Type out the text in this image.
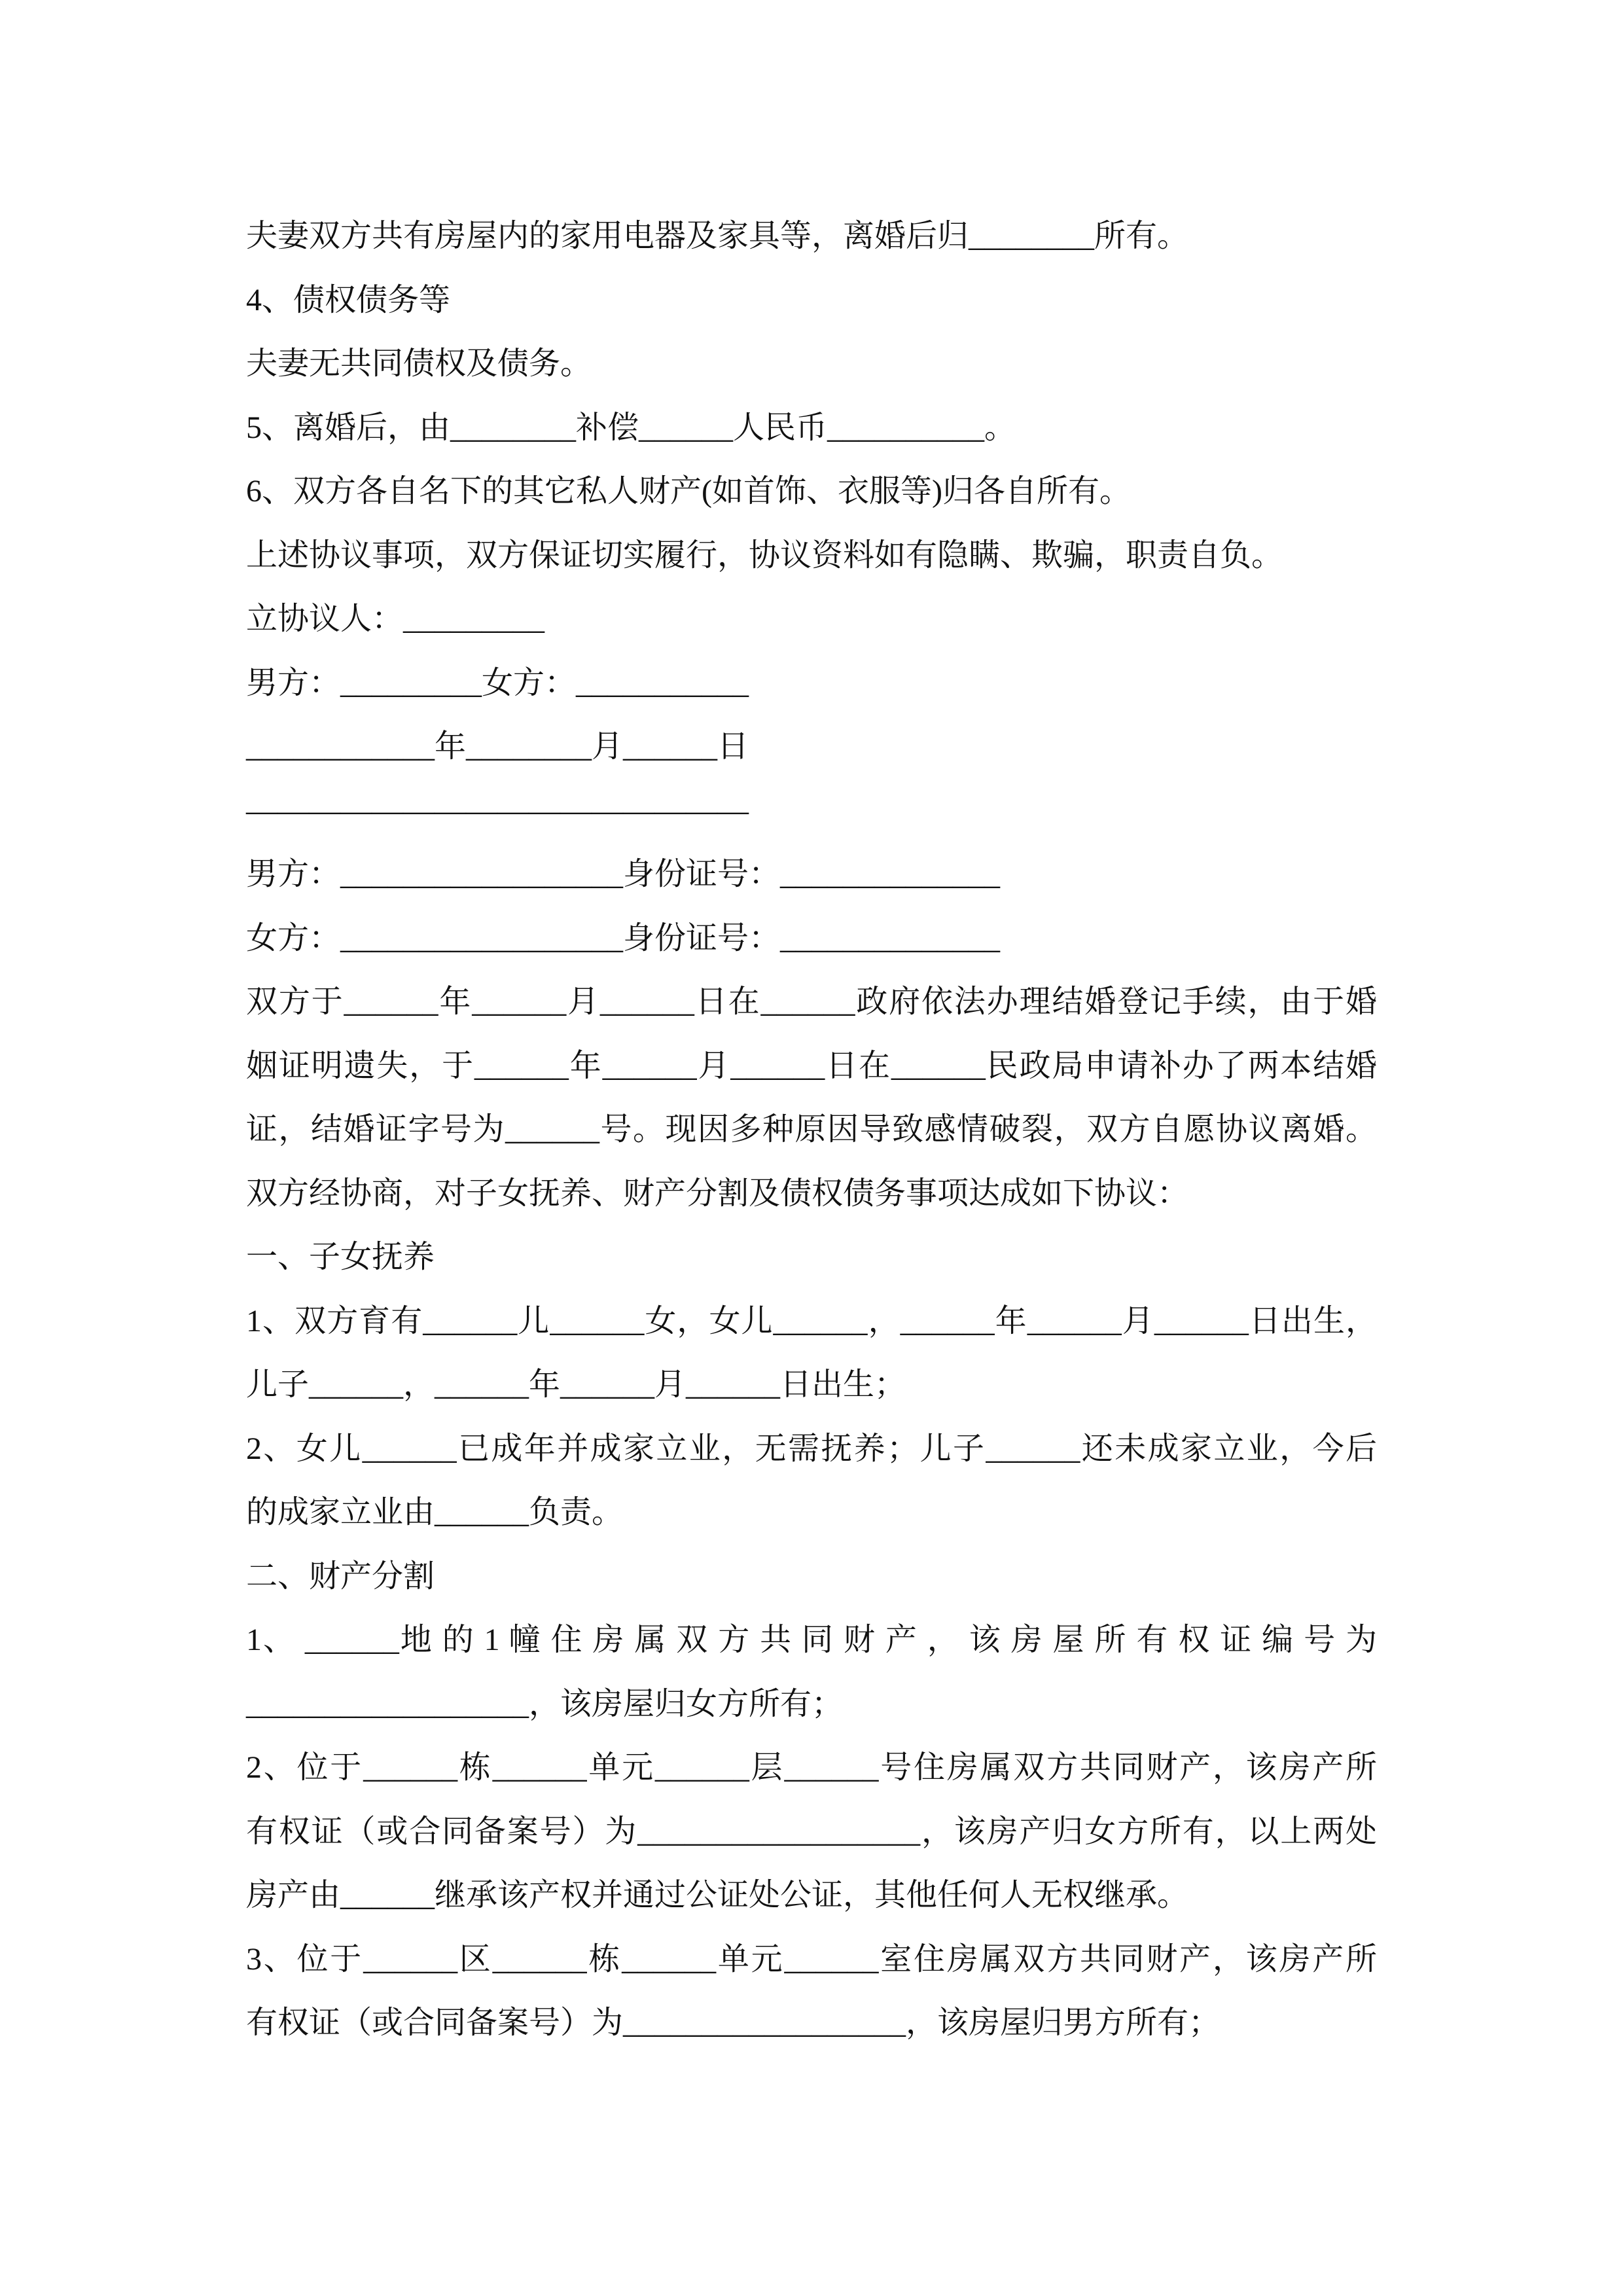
夫妻双方共有房屋内的家用电器及家具等，离婚后归________所有。
4、债权债务等
夫妻无共同债权及债务。
5、离婚后，由________补偿______人民币__________。
6、双方各自名下的其它私人财产(如首饰、衣服等)归各自所有。
上述协议事项，双方保证切实履行，协议资料如有隐瞒、欺骗，职责自负。
立协议人：_________
男方：_________女方：___________
____________年________月______日
————————————————
男方：__________________身份证号：______________
女方：__________________身份证号：______________
双方于______年______月______日在______政府依法办理结婚登记手续，由于婚
姻证明遗失，于______年______月______日在______民政局申请补办了两本结婚
证，结婚证字号为______号。现因多种原因导致感情破裂，双方自愿协议离婚。
双方经协商，对子女抚养、财产分割及债权债务事项达成如下协议：
一、子女抚养
1、双方育有______儿______女，女儿______，______年______月______日出生，
儿子______，______年______月______日出生；
2、女儿______已成年并成家立业，无需抚养；儿子______还未成家立业，今后
的成家立业由______负责。
二、财产分割
1、 ______地 的 1 幢 住 房 属 双 方 共 同 财 产 ， 该 房 屋 所 有 权 证 编 号 为
__________________，该房屋归女方所有；
2、位于______栋______单元______层______号住房属双方共同财产，该房产所
有权证（或合同备案号）为__________________，该房产归女方所有，以上两处
房产由______继承该产权并通过公证处公证，其他任何人无权继承。
3、位于______区______栋______单元______室住房属双方共同财产，该房产所
有权证（或合同备案号）为__________________，该房屋归男方所有；
